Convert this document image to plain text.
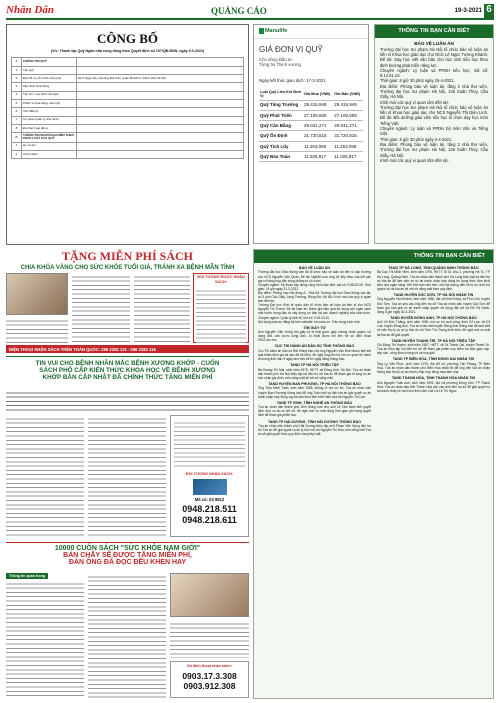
Nhân Dân	QUẢNG CÁO	19-3-2021 6
CÔNG BỐ
(V/v: Thanh lập Quỹ Ngân nhà cùng đồng theo Quyết định số 107/QĐ-BNN, ngày 9-3-2021)
A	THÔNG TIN QUỸ	
1	Tên quỹ	
2	Địa chỉ trụ sở chính của Quỹ	Số 2 Ngọc Hà, phường Đội Cấn, quận Ba Đình, thành phố Hà Nội
3	Mục đích hoạt động	
4	Tôn chỉ, mục đích của Quỹ	
5	Phạm vi hoạt động của Quỹ	
6	Vốn điều lệ	
7	Cơ quan quản lý nhà nước	
8	Địa bàn hoạt động	
B	THÔNG TIN NGƯỜI ĐẠI DIỆN THEO PHÁP LUẬT CỦA QUỸ	
1	Họ và tên	
2	Chức danh	
Manulife
GIÁ ĐƠN VỊ QUỸ
Cho dòng Đầu tư
Từng bù Thịnh vượng
Ngày kết thúc giao dịch: 17-3-2021
Loại Quỹ Liên Kết Đơn Vị	Giá Mua (VNĐ)	Giá Bán (VNĐ)
Quỹ Tăng Trưởng	29.415,949	29.415,949
Quỹ Phát Triển	27.100,508	27.100,508
Quỹ Cân Bằng	29.041,271	29.041,271
Quỹ Ổn Định	31.720,815	31.720,815
Quỹ Tích Lũy	11.263,059	11.263,059
Quỹ Bảo Toàn	11.025,817	11.025,817
THÔNG TIN BẠN CẦN BIẾT
BÁO VỆ LUẬN ÁN

Trường đại học Sư phạm Hà Nội tổ chức bảo vệ luận án tiến sĩ Khoa học giáo dục cho NCS Lê Ngọc Tường Khanh. Đề tài: Dạy học viết văn bản cho học sinh tiểu học theo định hướng phát triển năng lực.

Chuyên ngành: Lý luận và PPDH tiểu học; mã số: 9.14.01.10.

Thời gian: 8 giờ 30 phút ngày 15-4-2021.

Địa điểm: Phòng bảo vệ luận án, tầng 2 nhà thư viện, Trường đại học Sư phạm Hà Nội, 136 Xuân Thủy, Cầu Giấy, Hà Nội.

Kính mời các quý vị quan tâm đến dự.

Trường đại học Sư phạm Hà Nội tổ chức bảo vệ luận án tiến sĩ Khoa học giáo dục cho NCS Nguyễn Thị Diệu Linh. Đề tài: Bồi dưỡng giáo viên tiểu học tổ chức dạy học môn Tiếng Việt.

Chuyên ngành: Lý luận và PPDH bộ môn Văn và Tiếng Việt.

Thời gian: 8 giờ 30 phút ngày 2-4-2021.

Địa điểm: Phòng bảo vệ luận án, tầng 2 nhà thư viện, Trường đại học Sư phạm Hà Nội, 136 Xuân Thủy, Cầu Giấy, Hà Nội.

Kính mời các quý vị quan tâm đến dự.

TẶNG MIỄN PHÍ SÁCH
CHIA KHÓA VÀNG CHO SỨC KHỎE TUỔI GIÀ, TRÁNH XA BỆNH MÃN TÍNH
ĐỐI TƯỢNG ĐƯỢC NHẬN SÁCH:
ĐIỆN THOẠI NHẬN SÁCH TRÊN TOÀN QUỐC: 096 2292 115 - 096 2283 115
TIN VUI CHO BỆNH NHÂN MẮC BỆNH XƯƠNG KHỚP - CUỐN
SÁCH PHỔ CẬP KIẾN THỨC KHOA HỌC VỀ BỆNH XƯƠNG
KHỚP BẢN CẬP NHẬT ĐÃ CHÍNH THỨC TẶNG MIỄN PHÍ
ĐỐI TƯỢNG NHẬN SÁCH:
Mã cú: 03 8812
0948.218.511
0948.218.611
10000 CUỐN SÁCH "SỨC KHỎE NAM GIỚI"
BẢN CHẤY SẼ ĐƯỢC TẶNG MIỄN PHÍ,
ĐÀN ÔNG ĐÃ ĐỌC ĐỀU KHEN HAY
Thông tin quan trọng
Số điện thoại nhận sách:
0903.17.3.308
0903.912.308
THÔNG TIN BẠN CẦN BIẾT
BÁO VỆ LUẬN ÁN

Trường đại học Giáo thông vận tải tổ chức bảo vệ luận án tiến sĩ cấp trường cho NCS Nguyễn Văn Quân. Đề tài: Nghiên cứu ứng xử tiếp theo của kết cấu gia cố bằng ống dẫn sóng phẳng tự cô cuộn.

Chuyên ngành: Kỹ thuật xây dựng công trình đặc biệt; mã số: 9.58.02.06. Thời gian: 14 giờ ngày 31-3-2021.

Địa điểm: Phòng họp Hội đồng A - Nhà A9 Trường đại học Giao thông vận tải, số 3 phố Cầu Giấy, Láng Thượng, Đống Đa, Hà Nội. Kính mời các quý vị quan tâm đến dự.

Trường Đại học Kinh tế quốc dân tổ chức bảo vệ luận án tiến sĩ cho NCS Nguyễn Thị Thanh. Đề tài luận án: Đánh giá hiệu quả sử dụng vốn ngân sách nhà nước trong đầu tư xây dựng cơ bản tại các doanh nghiệp của nhà nước. Chuyên ngành: Quản lý kinh tế; mã số: 9.34.04.10.

Nội dung luận án đăng tải trên website: neu.edu.vn. Trân trọng kính mời.

TÌM GIẤY TỜ

Anh Nguyễn Văn Hưng tìm giấy tờ bị mất gồm: giấy chứng nhận quyền sử dụng đất, căn cước công dân. Ai nhặt được xin liên hệ số điện thoại 0912.xxx.xxx.

CỤC THI HÀNH ÁN DÂN SỰ TỈNH THÔNG BÁO

Cục Thi hành án dân sự tỉnh thông báo cho ông Nguyễn Văn Bình được biết kết quả thẩm định giá tài sản đã kê biên, đề nghị ông liên hệ với cơ quan thi hành án trong thời hạn 5 ngày làm việc kể từ ngày đăng thông báo.

TAND TP HÀ NỘI TRIỆU TẬP

Bà Hoàng Thị Mai, sinh năm 1978, HKTT: xã Đông Anh, Hà Nội. Tòa án nhân dân thành phố Hà Nội triệu tập bà đến trụ sở tòa án để tham gia tố tụng vụ án hôn nhân gia đình, nếu vắng mặt sẽ xét xử vắng mặt.

TAND HUYỆN ĐAN PHƯỢNG, TP HÀ NỘI THÔNG BÁO

Ông Trần Minh Tuấn, sinh năm 1985, không rõ nơi cư trú. Tòa án nhân dân huyện Đan Phượng thông báo để ông Tuấn biết và đến tòa án giải quyết vụ án tranh chấp hợp đồng vay tài sản theo đơn khởi kiện của bà Nguyễn Thị Lan.

TAND TP VINH, TỈNH NGHỆ AN THÔNG BÁO

Tòa án nhân dân thành phố Vinh thông báo cho anh Lê Văn Nam biết quyết định đưa vụ án ra xét xử, đề nghị anh có mặt đúng thời gian ghi trong quyết định để tham gia phiên tòa.

TAND TP HẢI DƯƠNG, TỈNH HẢI DƯƠNG THÔNG BÁO

Tòa án nhân dân thành phố Hải Dương triệu tập anh Phạm Văn Hùng đến trụ sở Tòa án để giải quyết vụ án ly hôn với chị Nguyễn Thị Hoa; nếu vắng mặt Tòa án sẽ giải quyết theo quy định của pháp luật.

TAND TP HÀ LONG, TỈNH QUẢNG NINH THÔNG BÁO

Bà Cao Thị Minh Hiền, sinh năm 1976, HKTT: tổ 15, khu 2, phường Hà Tu, TP Hạ Long, Quảng Ninh. Tòa án nhân dân thành phố Hạ Long triệu tập bà đến trụ sở tòa án để làm việc về vụ án tranh chấp hợp đồng tín dụng theo đơn khởi kiện của ngân hàng. Hết thời hạn nêu trên, nếu bà không đến sẽ bị coi là từ bỏ quyền lợi và tòa án sẽ xét xử vắng mặt theo quy định.

TAND HUYỆN SÓC SƠN, TP HÀ NỘI NHẮN TIN

Ông Nguyễn Văn Khánh, sinh năm 1980, địa chỉ thôn Đông, xã Phù Linh, huyện Sóc Sơn. Tòa án yêu cầu ông đến trụ sở Tòa án nhân dân huyện Sóc Sơn để tham gia hòa giải vụ án tranh chấp quyền sử dụng đất với bà Đỗ Thị Hạnh, đúng 8 giờ ngày 30-3-2021.

TAND HUYỆN ĐÔNG ANH, TP HÀ NỘI THÔNG BÁO

Anh Vũ Đức Thắng, sinh năm 1990, nơi cư trú cuối cùng: thôn Cổ Loa, xã Cổ Loa, huyện Đông Anh. Tòa án nhân dân huyện Đông Anh thông báo để anh biết về việc thụ lý vụ án ly hôn do chị Trần Thu Trang khởi kiện, đề nghị anh có mặt tại tòa án để giải quyết.

TAND HUYỆN THANH TRÌ, TP HÀ NỘI TRIỆU TẬP

Chị Đặng Thị Huyền, sinh năm 1987, HKTT: xã Tả Thanh Oai, huyện Thanh Trì. Tòa án triệu tập chị đến trụ sở để tham gia phiên họp kiểm tra việc giao nộp, tiếp cận, công khai chứng cứ và hòa giải.

TAND TP BIÊN HÒA, TỈNH ĐỒNG NAI NHẮN TIN

Ông Lý Văn Phúc, sinh năm 1975, địa chỉ cũ: phường Tân Phong, TP Biên Hòa. Tòa án nhân dân thành phố Biên Hòa nhắn tin để ông đến tòa án nhận thông báo thụ lý vụ án tranh chấp hợp đồng mua bán nhà.

TAND THANH HÓA, TỈNH THANH HÓA NHẮN TIN

Anh Nguyễn Tuấn Anh, sinh năm 1992, địa chỉ phường Đông Sơn, TP Thanh Hóa. Tòa án nhân dân tỉnh Thanh Hóa yêu cầu anh đến trụ sở để giải quyết vụ án tranh chấp về nuôi con theo đơn của chị Lê Thị Ngọc.
